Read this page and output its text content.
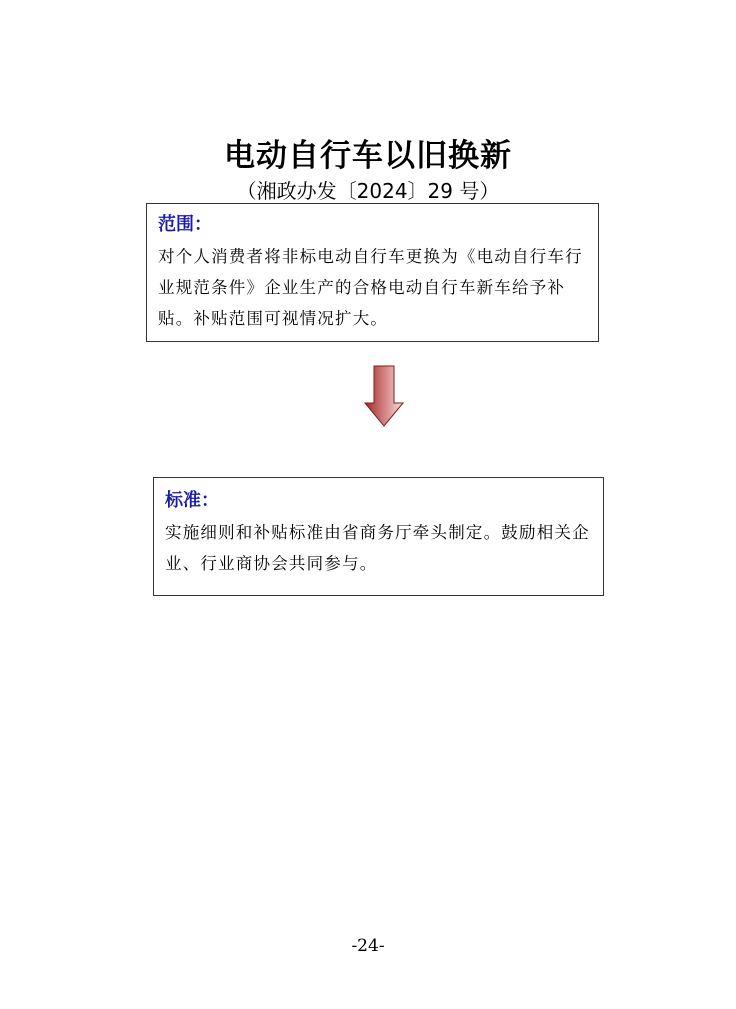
电动自行车以旧换新
（湘政办发〔2024〕29 号）
范围：
对个人消费者将非标电动自行车更换为《电动自行车行业规范条件》企业生产的合格电动自行车新车给予补贴。补贴范围可视情况扩大。
标准：
实施细则和补贴标准由省商务厅牵头制定。鼓励相关企业、行业商协会共同参与。
-24-
